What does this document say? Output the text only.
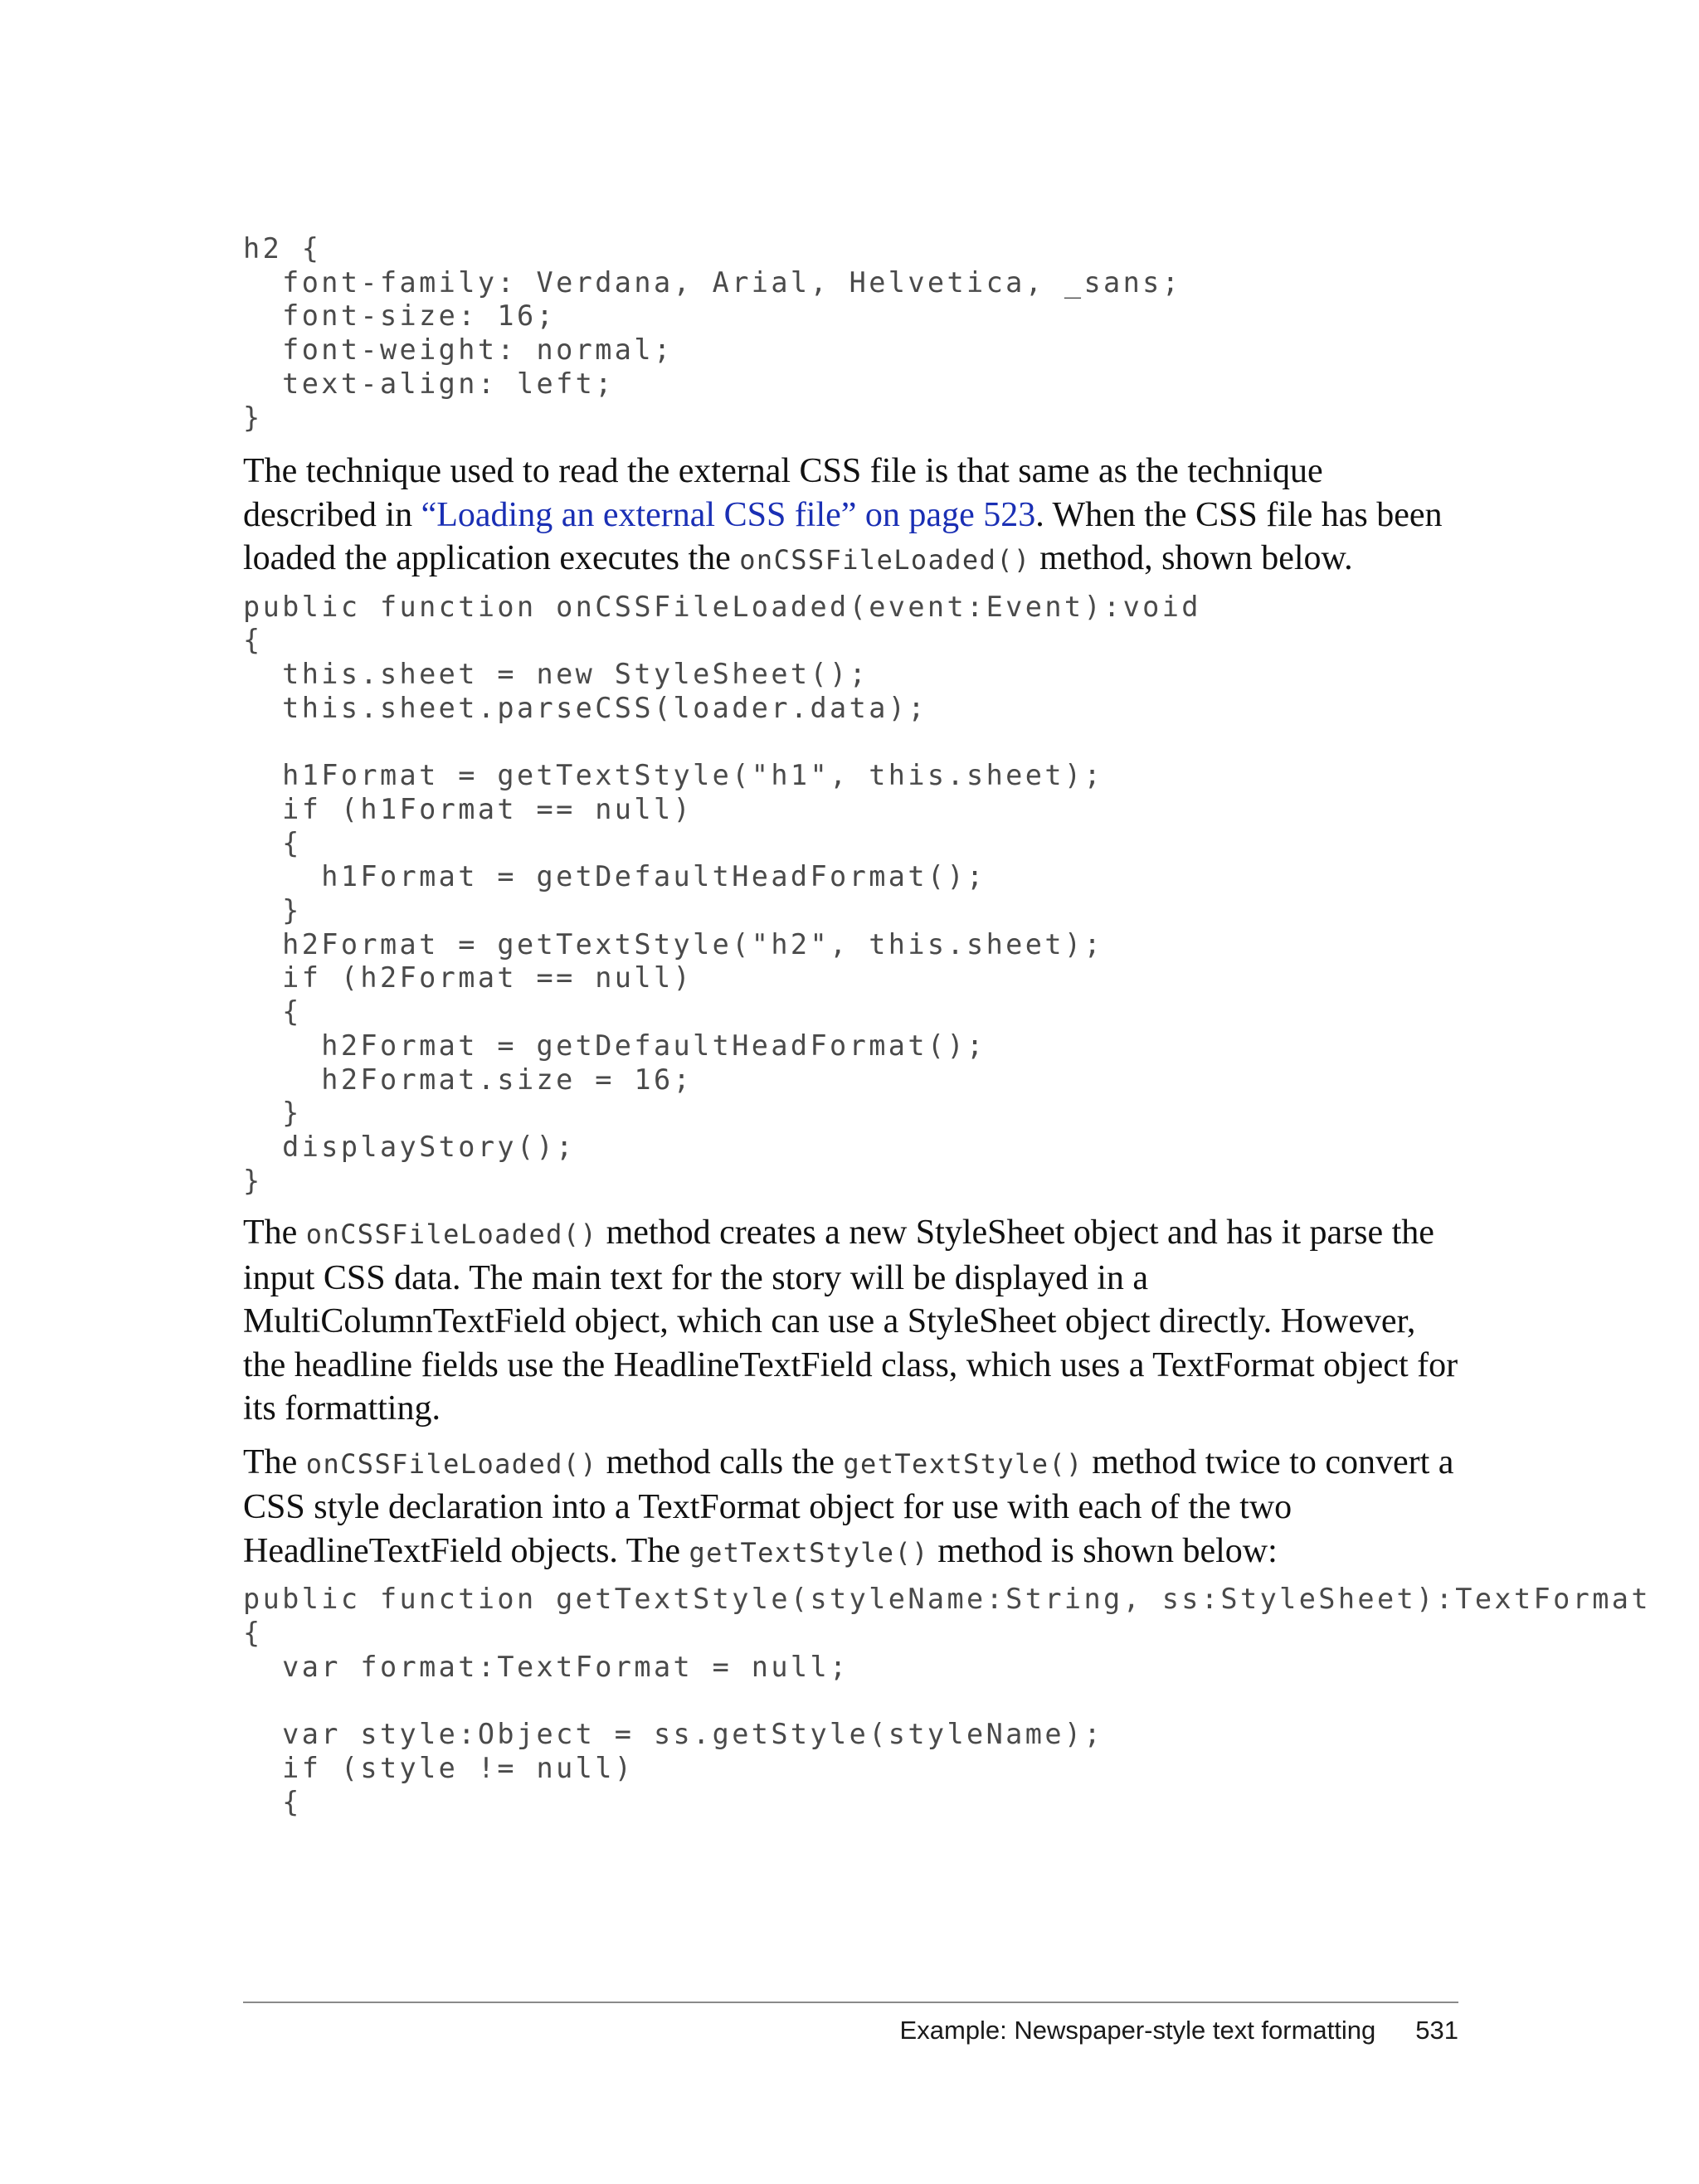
h2 {
font-family: Verdana, Arial, Helvetica, _sans;
font-size: 16;
font-weight: normal;
text-align: left;
}

The technique used to read the external CSS file is that same as the technique described in “Loading an external CSS file” on page 523. When the CSS file has been loaded the application executes the onCSSFileLoaded() method, shown below.

public function onCSSFileLoaded(event:Event):void
{
this.sheet = new StyleSheet();
this.sheet.parseCSS(loader.data);

h1Format = getTextStyle("h1", this.sheet);
if (h1Format == null)
{
h1Format = getDefaultHeadFormat();
}
h2Format = getTextStyle("h2", this.sheet);
if (h2Format == null)
{
h2Format = getDefaultHeadFormat();
h2Format.size = 16;
}
displayStory();
}

The onCSSFileLoaded() method creates a new StyleSheet object and has it parse the input CSS data. The main text for the story will be displayed in a MultiColumnTextField object, which can use a StyleSheet object directly. However, the headline fields use the HeadlineTextField class, which uses a TextFormat object for its formatting.

The onCSSFileLoaded() method calls the getTextStyle() method twice to convert a CSS style declaration into a TextFormat object for use with each of the two HeadlineTextField objects. The getTextStyle() method is shown below:

public function getTextStyle(styleName:String, ss:StyleSheet):TextFormat
{
var format:TextFormat = null;

var style:Object = ss.getStyle(styleName);
if (style != null)
{
Example: Newspaper-style text formatting 531
